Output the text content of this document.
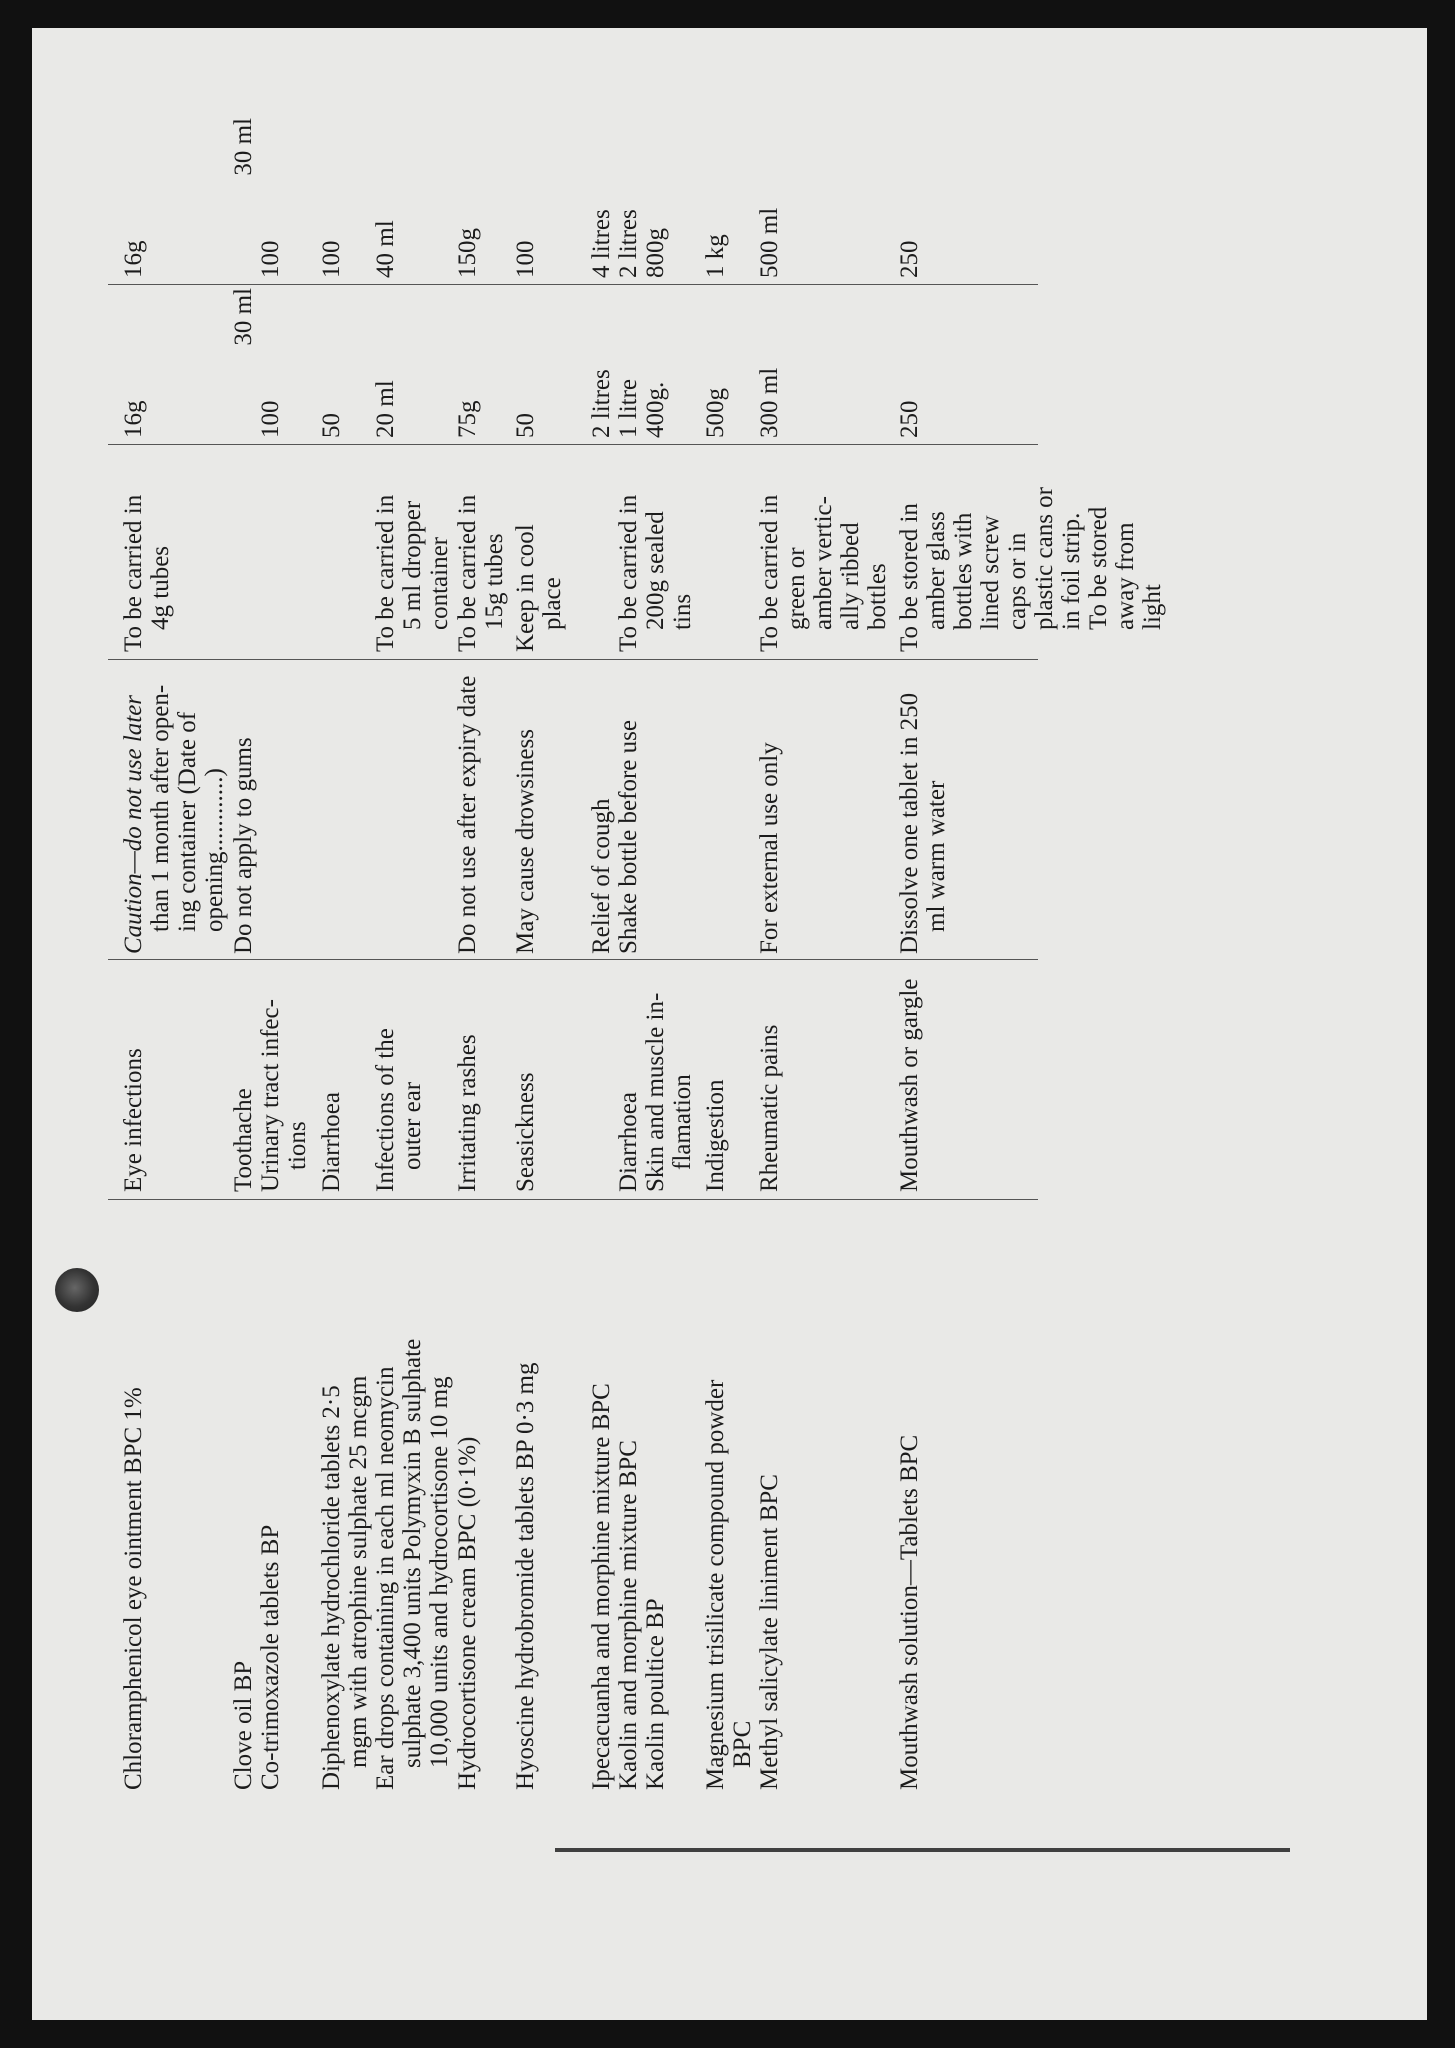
Chloramphenicol eye ointment BPC 1%
Eye infections
Caution—do not use later than 1 month after open- ing container (Date of opening............)
To be carried in 4g tubes
16g
16g
Clove oil BP Co-trimoxazole tablets BP
Toothache Urinary tract infec- tions
Do not apply to gums
30 ml
100
30 ml
100
Diphenoxylate hydrochloride tablets 2·5 mgm with atrophine sulphate 25 mcgm
Diarrhoea
50
100
Ear drops containing in each ml neomycin sulphate 3,400 units Polymyxin B sulphate 10,000 units and hydrocortisone 10 mg
Infections of the outer ear
To be carried in 5 ml dropper container
20 ml
40 ml
Hydrocortisone cream BPC (0·1%)
Irritating rashes
Do not use after expiry date
To be carried in 15g tubes
75g
150g
Hyoscine hydrobromide tablets BP 0·3 mg
Seasickness
May cause drowsiness
Keep in cool place
50
100
Ipecacuanha and morphine mixture BPC Kaolin and morphine mixture BPC Kaolin poultice BP

Diarrhoea Skin and muscle in- flamation
Relief of cough Shake bottle before use

To be carried in 200g sealed tins
2 litres 1 litre 400g.
4 litres 2 litres 800g
Magnesium trisilicate compound powder BPC
Indigestion
500g
1 kg
Methyl salicylate liniment BPC
Rheumatic pains
For external use only
To be carried in green or amber vertic- ally ribbed bottles
300 ml
500 ml
Mouthwash solution—Tablets BPC
Mouthwash or gargle
Dissolve one tablet in 250 ml warm water
To be stored in amber glass bottles with lined screw caps or in plastic cans or in foil strip. To be stored away from light
250
250
